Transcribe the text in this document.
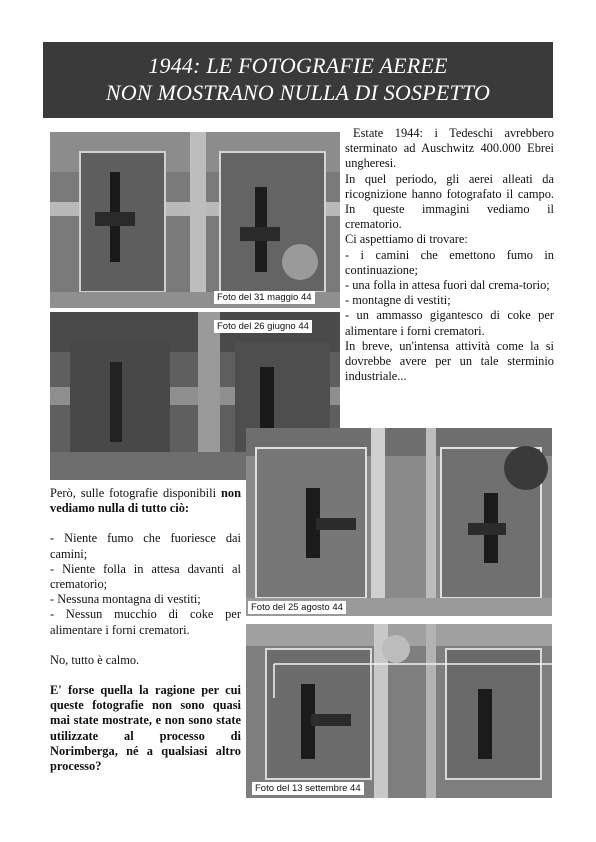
1944: LE FOTOGRAFIE AEREE
NON MOSTRANO NULLA DI SOSPETTO
Foto del 31 maggio 44
Foto del 26 giugno 44
Foto del 25 agosto 44
Foto del 13 settembre 44

Estate 1944: i Tedeschi avrebbero sterminato ad Auschwitz 400.000 Ebrei ungheresi.

In quel periodo, gli aerei alleati da ricognizione hanno fotografato il campo. In queste immagini vediamo il crematorio.

Ci aspettiamo di trovare:

- i camini che emettono fumo in continuazione;

- una folla in attesa fuori dal crema-torio;

- montagne di vestiti;

- un ammasso gigantesco di coke per alimentare i forni crematori.

In breve, un'intensa attività come la si dovrebbe avere per un tale sterminio industriale...

Però, sulle fotografie disponibili non vediamo nulla di tutto ciò:

- Niente fumo che fuoriesce dai camini;

- Niente folla in attesa davanti al crematorio;

- Nessuna montagna di vestiti;

- Nessun mucchio di coke per alimentare i forni crematori.

No, tutto è calmo.

E' forse quella la ragione per cui queste fotografie non sono quasi mai state mostrate, e non sono state utilizzate al processo di Norimberga, né a qualsiasi altro processo?
